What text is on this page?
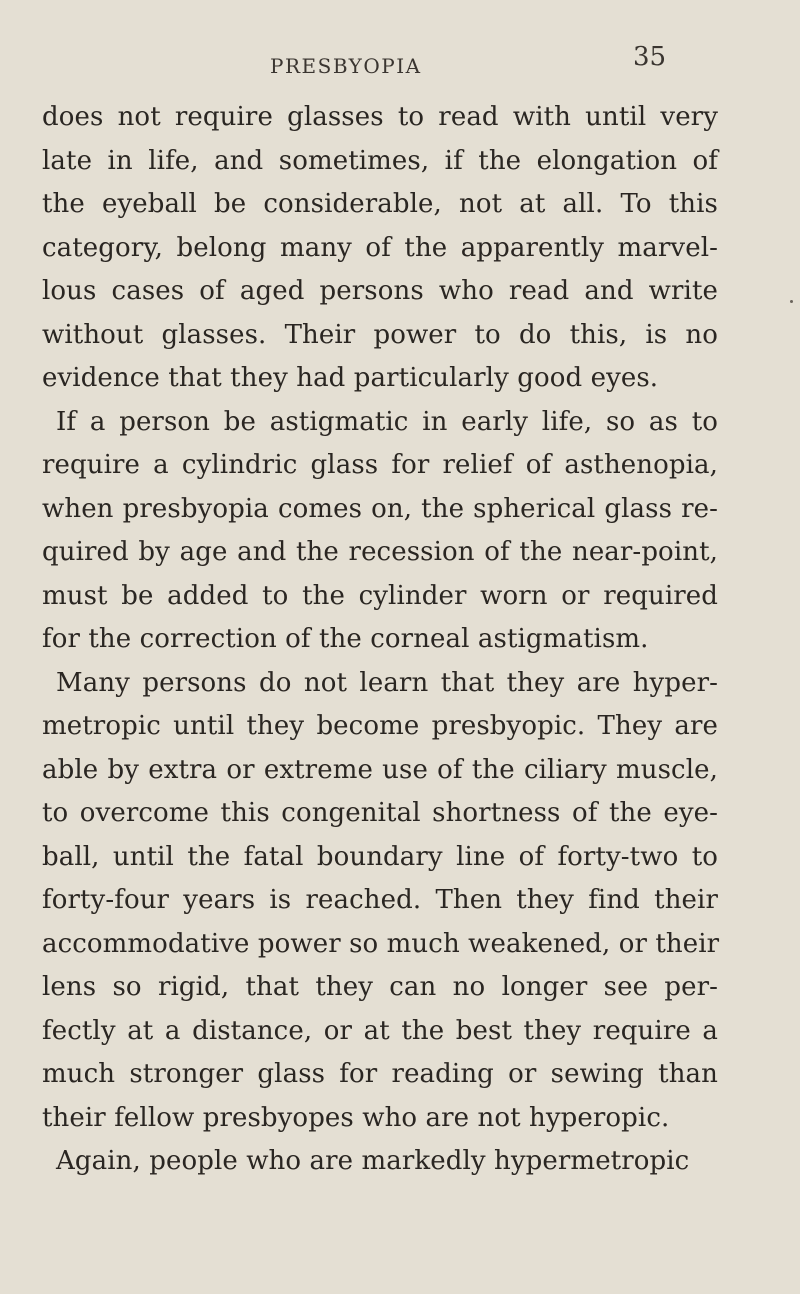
PRESBYOPIA	35
does not require glasses to read with until very
late in life, and sometimes, if the elongation of
the eyeball be considerable, not at all. To this
category, belong many of the apparently marvel-
lous cases of aged persons who read and write
without glasses. Their power to do this, is no
evidence that they had particularly good eyes.
If a person be astigmatic in early life, so as to
require a cylindric glass for relief of asthenopia,
when presbyopia comes on, the spherical glass re-
quired by age and the recession of the near-point,
must be added to the cylinder worn or required
for the correction of the corneal astigmatism.
Many persons do not learn that they are hyper-
metropic until they become presbyopic. They are
able by extra or extreme use of the ciliary muscle,
to overcome this congenital shortness of the eye-
ball, until the fatal boundary line of forty-two to
forty-four years is reached. Then they find their
accommodative power so much weakened, or their
lens so rigid, that they can no longer see per-
fectly at a distance, or at the best they require a
much stronger glass for reading or sewing than
their fellow presbyopes who are not hyperopic.
Again, people who are markedly hypermetropic
